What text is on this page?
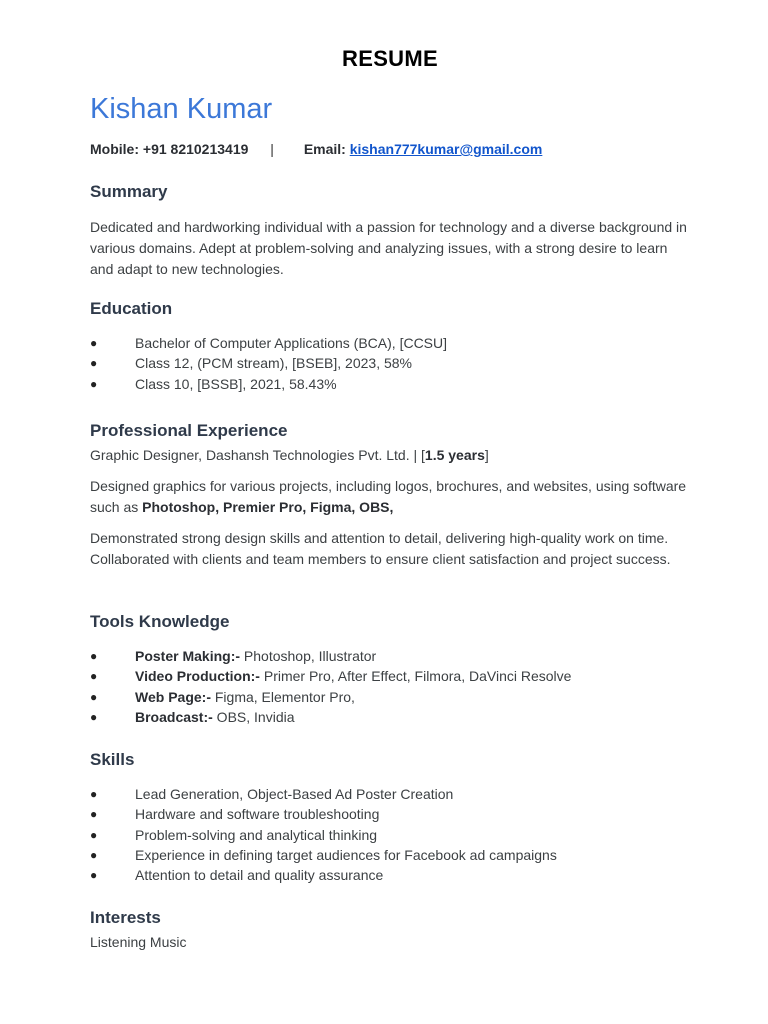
RESUME
Kishan Kumar
Mobile: +91 8210213419 | Email: kishan777kumar@gmail.com
Summary

Dedicated and hardworking individual with a passion for technology and a diverse background in various domains. Adept at problem-solving and analyzing issues, with a strong desire to learn and adapt to new technologies.

Education
●	Bachelor of Computer Applications (BCA), [CCSU]
●	Class 12, (PCM stream), [BSEB], 2023, 58%
●	Class 10, [BSSB], 2021, 58.43%
Professional Experience

Graphic Designer, Dashansh Technologies Pvt. Ltd. | [1.5 years]

Designed graphics for various projects, including logos, brochures, and websites, using software such as Photoshop, Premier Pro, Figma, OBS,

Demonstrated strong design skills and attention to detail, delivering high-quality work on time. Collaborated with clients and team members to ensure client satisfaction and project success.

Tools Knowledge
●	Poster Making:- Photoshop, Illustrator
●	Video Production:- Primer Pro, After Effect, Filmora, DaVinci Resolve
●	Web Page:- Figma, Elementor Pro,
●	Broadcast:- OBS, Invidia
Skills
●	Lead Generation, Object-Based Ad Poster Creation
●	Hardware and software troubleshooting
●	Problem-solving and analytical thinking
●	Experience in defining target audiences for Facebook ad campaigns
●	Attention to detail and quality assurance
Interests

Listening Music
